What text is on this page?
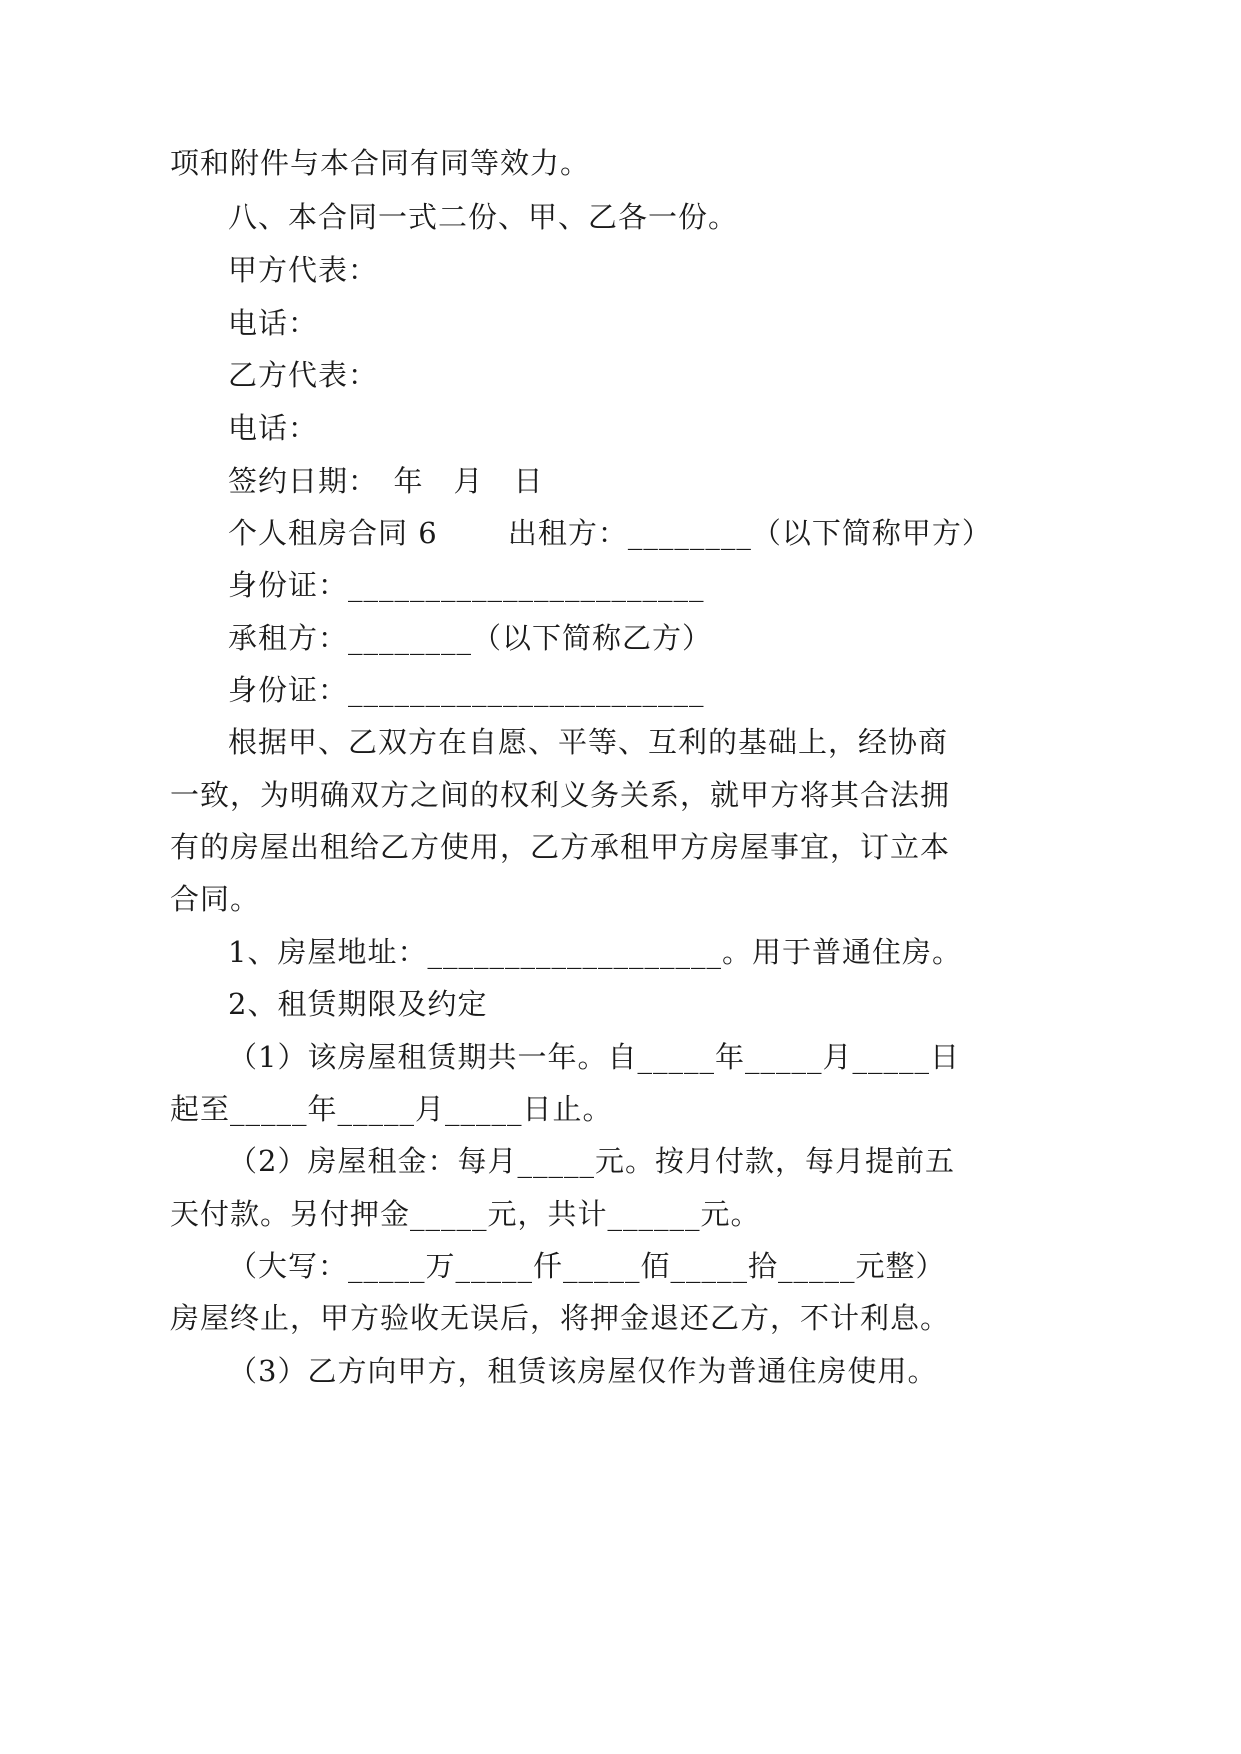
项和附件与本合同有同等效力。
八、本合同一式二份、甲、乙各一份。
甲方代表：
电话：
乙方代表：
电话：
签约日期：　年　月　日
个人租房合同 6　　 出租方：________（以下简称甲方）
身份证：_______________________
承租方：________（以下简称乙方）
身份证：_______________________
根据甲、乙双方在自愿、平等、互利的基础上，经协商
一致，为明确双方之间的权利义务关系，就甲方将其合法拥
有的房屋出租给乙方使用，乙方承租甲方房屋事宜，订立本
合同。
1、房屋地址：___________________。用于普通住房。
2、租赁期限及约定
（1）该房屋租赁期共一年。自_____年_____月_____日
起至_____年_____月_____日止。
（2）房屋租金：每月_____元。按月付款，每月提前五
天付款。另付押金_____元，共计______元。
（大写：_____万_____仟_____佰_____拾_____元整）
房屋终止，甲方验收无误后，将押金退还乙方，不计利息。
（3）乙方向甲方，租赁该房屋仅作为普通住房使用。
